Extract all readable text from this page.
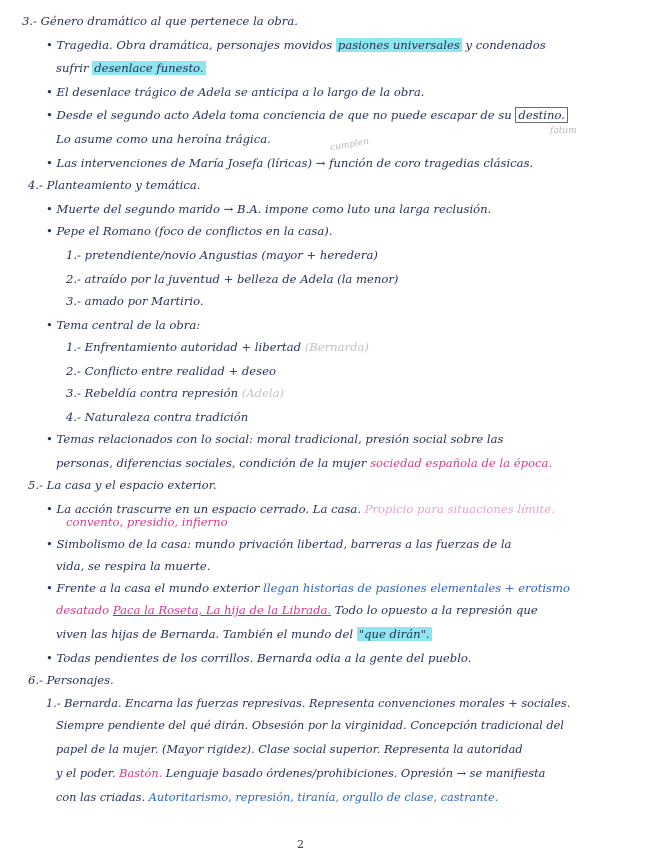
3.- Género dramático al que pertenece la obra.
• Tragedia. Obra dramática, personajes movidos pasiones universales y condenados
sufrir desenlace funesto.
• El desenlace trágico de Adela se anticipa a lo largo de la obra.
• Desde el segundo acto Adela toma conciencia de que no puede escapar de su destino.
Lo asume como una heroína trágica.
fatum
cumplen
• Las intervenciones de María Josefa (líricas) → función de coro tragedias clásicas.
4.- Planteamiento y temática.
• Muerte del segundo marido → B.A. impone como luto una larga reclusión.
• Pepe el Romano (foco de conflictos en la casa).
1.- pretendiente/novio Angustias (mayor + heredera)
2.- atraído por la juventud + belleza de Adela (la menor)
3.- amado por Martirio.
• Tema central de la obra:
1.- Enfrentamiento autoridad + libertad (Bernarda)
2.- Conflicto entre realidad + deseo
3.- Rebeldía contra represión (Adela)
4.- Naturaleza contra tradición
• Temas relacionados con lo social: moral tradicional, presión social sobre las
personas, diferencias sociales, condición de la mujer sociedad española de la época.
5.- La casa y el espacio exterior.
• La acción trascurre en un espacio cerrado. La casa. Propicio para situaciones límite.
convento, presidio, infierno
• Simbolismo de la casa: mundo privación libertad, barreras a las fuerzas de la
vida, se respira la muerte.
• Frente a la casa el mundo exterior llegan historias de pasiones elementales + erotismo
desatado Paca la Roseta, La hija de la Librada. Todo lo opuesto a la represión que
viven las hijas de Bernarda. También el mundo del "que dirán".
• Todas pendientes de los corrillos. Bernarda odia a la gente del pueblo.
6.- Personajes.
1.- Bernarda. Encarna las fuerzas represivas. Representa convenciones morales + sociales.
Siempre pendiente del qué dirán. Obsesión por la virginidad. Concepción tradicional del
papel de la mujer. (Mayor rigidez). Clase social superior. Representa la autoridad
y el poder. Bastón. Lenguaje basado órdenes/prohibiciones. Opresión → se manifiesta
con las criadas. Autoritarismo, represión, tiranía, orgullo de clase, castrante.
2
